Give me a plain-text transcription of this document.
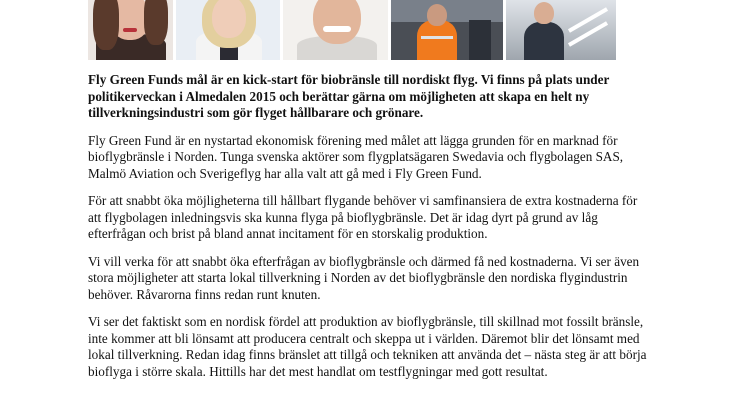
Fly Green Funds mål är en kick-start för biobränsle till nordiskt flyg. Vi finns på plats under politikerveckan i Almedalen 2015 och berättar gärna om möjligheten att skapa en helt ny tillverkningsindustri som gör flyget hållbarare och grönare.

Fly Green Fund är en nystartad ekonomisk förening med målet att lägga grunden för en marknad för bioflygbränsle i Norden. Tunga svenska aktörer som flygplatsägaren Swedavia och flygbolagen SAS, Malmö Aviation och Sverigeflyg har alla valt att gå med i Fly Green Fund.

För att snabbt öka möjligheterna till hållbart flygande behöver vi samfinansiera de extra kostnaderna för att flygbolagen inledningsvis ska kunna flyga på bioflygbränsle. Det är idag dyrt på grund av låg efterfrågan och brist på bland annat incitament för en storskalig produktion.

Vi vill verka för att snabbt öka efterfrågan av bioflygbränsle och därmed få ned kostnaderna. Vi ser även stora möjligheter att starta lokal tillverkning i Norden av det bioflygbränsle den nordiska flygindustrin behöver. Råvarorna finns redan runt knuten.

Vi ser det faktiskt som en nordisk fördel att produktion av bioflygbränsle, till skillnad mot fossilt bränsle, inte kommer att bli lönsamt att producera centralt och skeppa ut i världen. Däremot blir det lönsamt med lokal tillverkning. Redan idag finns bränslet att tillgå och tekniken att använda det – nästa steg är att börja bioflyga i större skala. Hittills har det mest handlat om testflygningar med gott resultat.
